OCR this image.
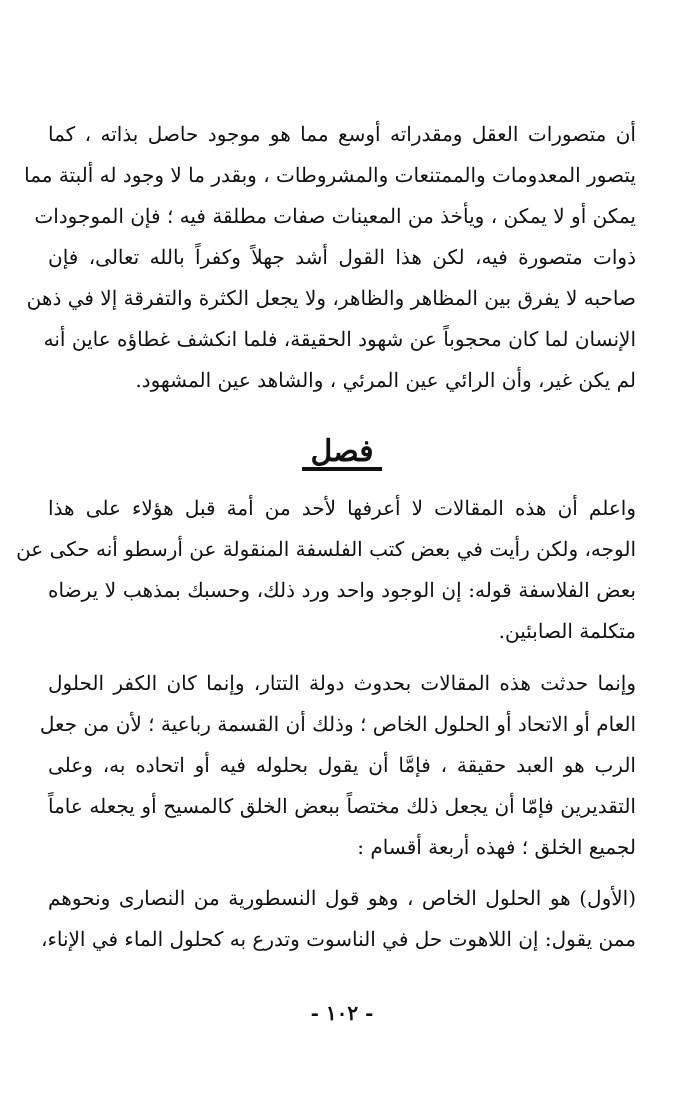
أن متصورات العقل ومقدراته أوسع مما هو موجود حاصل بذاته ، كما
يتصور المعدومات والممتنعات والمشروطات ، وبقدر ما لا وجود له ألبتة مما
يمكن أو لا يمكن ، ويأخذ من المعينات صفات مطلقة فيه ؛ فإن الموجودات
ذوات متصورة فيه، لكن هذا القول أشد جهلاً وكفراً بالله تعالى، فإن
صاحبه لا يفرق بين المظاهر والظاهر، ولا يجعل الكثرة والتفرقة إلا في ذهن
الإنسان لما كان محجوباً عن شهود الحقيقة، فلما انكشف غطاؤه عاين أنه
لم يكن غير، وأن الرائي عين المرئي ، والشاهد عين المشهود.
فصل
واعلم أن هذه المقالات لا أعرفها لأحد من أمة قبل هؤلاء على هذا
الوجه، ولكن رأيت في بعض كتب الفلسفة المنقولة عن أرسطو أنه حكى عن
بعض الفلاسفة قوله: إن الوجود واحد ورد ذلك، وحسبك بمذهب لا يرضاه
متكلمة الصابئين.
وإنما حدثت هذه المقالات بحدوث دولة التتار، وإنما كان الكفر الحلول
العام أو الاتحاد أو الحلول الخاص ؛ وذلك أن القسمة رباعية ؛ لأن من جعل
الرب هو العبد حقيقة ، فإمَّا أن يقول بحلوله فيه أو اتحاده به، وعلى
التقديرين فإمّا أن يجعل ذلك مختصاً ببعض الخلق كالمسيح أو يجعله عاماً
لجميع الخلق ؛ فهذه أربعة أقسام :
(الأول) هو الحلول الخاص ، وهو قول النسطورية من النصارى ونحوهم
ممن يقول: إن اللاهوت حل في الناسوت وتدرع به كحلول الماء في الإناء،
- ١٠٢ -
